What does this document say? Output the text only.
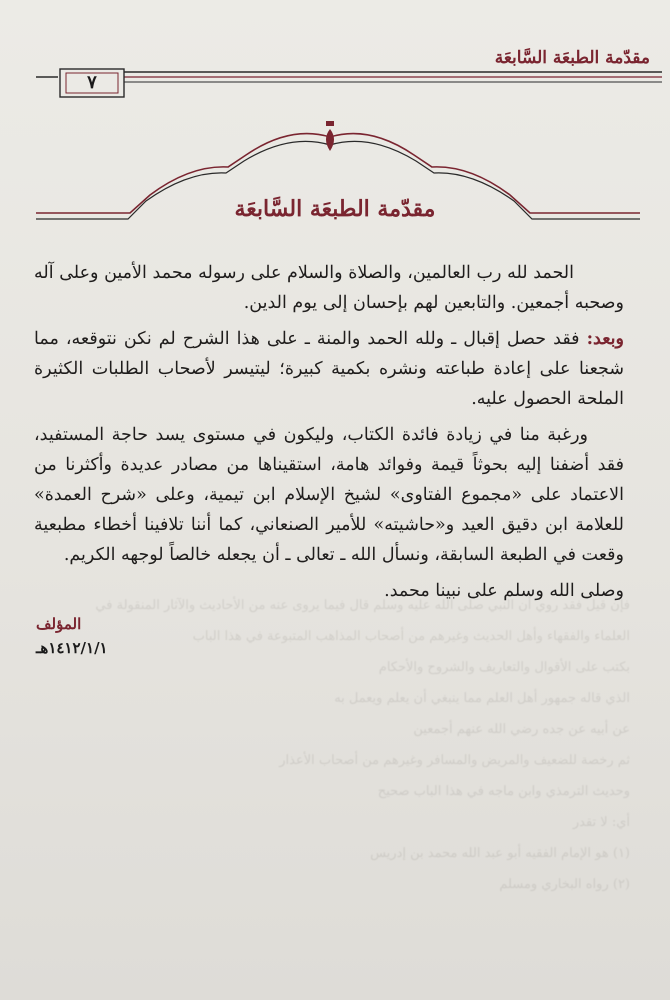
مقدّمة الطبعَة السَّابعَة
٧
مقدّمة الطبعَة السَّابعَة
فإن قيل فقد روي أن النبي صلى الله عليه وسلم قال فيما يروى عنه من الأحاديث والآثار المنقولة في
العلماء والفقهاء وأهل الحديث وغيرهم من أصحاب المذاهب المتبوعة في هذا الباب
بكتب على الأقوال والتعاريف والشروح والأحكام
الذي قاله جمهور أهل العلم مما ينبغي أن يعلم ويعمل به
عن أبيه عن جده رضي الله عنهم أجمعين
ثم رخصة للضعيف والمريض والمسافر وغيرهم من أصحاب الأعذار
وحديث الترمذي وابن ماجه في هذا الباب صحيح
أي: لا تقدر
(١) هو الإمام الفقيه أبو عبد الله محمد بن إدريس
(٢) رواه البخاري ومسلم

الحمد لله رب العالمين، والصلاة والسلام على رسوله محمد الأمين وعلى آله وصحبه أجمعين. والتابعين لهم بإحسان إلى يوم الدين.

وبعد: فقد حصل إقبال ـ ولله الحمد والمنة ـ على هذا الشرح لم نكن نتوقعه، مما شجعنا على إعادة طباعته ونشره بكمية كبيرة؛ ليتيسر لأصحاب الطلبات الكثيرة الملحة الحصول عليه.

ورغبة منا في زيادة فائدة الكتاب، وليكون في مستوى يسد حاجة المستفيد، فقد أضفنا إليه بحوثاً قيمة وفوائد هامة، استقيناها من مصادر عديدة وأكثرنا من الاعتماد على «مجموع الفتاوى» لشيخ الإسلام ابن تيمية، وعلى «شرح العمدة» للعلامة ابن دقيق العيد و«حاشيته» للأمير الصنعاني، كما أننا تلافينا أخطاء مطبعية وقعت في الطبعة السابقة، ونسأل الله ـ تعالى ـ أن يجعله خالصاً لوجهه الكريم.

وصلى الله وسلم على نبينا محمد.

المؤلف
١٤١٢/١/١هـ
